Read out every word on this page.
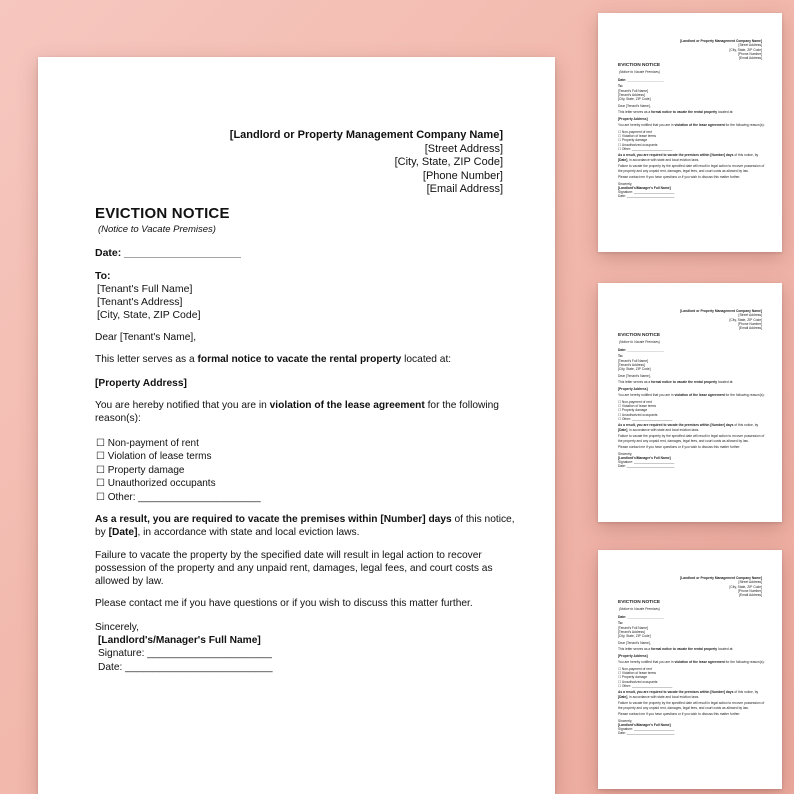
[Landlord or Property Management Company Name]
[Street Address]
[City, State, ZIP Code]
[Phone Number]
[Email Address]
EVICTION NOTICE
(Notice to Vacate Premises)
Date: ____________________
To:
[Tenant's Full Name]
[Tenant's Address]
[City, State, ZIP Code]
Dear [Tenant's Name],
This letter serves as a formal notice to vacate the rental property located at:
[Property Address]
You are hereby notified that you are in violation of the lease agreement for the following reason(s):
☐ Non-payment of rent
☐ Violation of lease terms
☐ Property damage
☐ Unauthorized occupants
☐ Other: ______________________
As a result, you are required to vacate the premises within [Number] days of this notice, by [Date], in accordance with state and local eviction laws.
Failure to vacate the property by the specified date will result in legal action to recover possession of the property and any unpaid rent, damages, legal fees, and court costs as allowed by law.
Please contact me if you have questions or if you wish to discuss this matter further.
Sincerely,
[Landlord's/Manager's Full Name]
Signature: ______________________
Date: __________________________
[Landlord or Property Management Company Name]
[Street Address]
[City, State, ZIP Code]
[Phone Number]
[Email Address]
EVICTION NOTICE
(Notice to Vacate Premises)
Date: ____________________
To:
[Tenant's Full Name]
[Tenant's Address]
[City, State, ZIP Code]
Dear [Tenant's Name],
This letter serves as a formal notice to vacate the rental property located at:
[Property Address]
You are hereby notified that you are in violation of the lease agreement for the following reason(s):
☐ Non-payment of rent
☐ Violation of lease terms
☐ Property damage
☐ Unauthorized occupants
☐ Other: ______________________
As a result, you are required to vacate the premises within [Number] days of this notice, by [Date], in accordance with state and local eviction laws.
Failure to vacate the property by the specified date will result in legal action to recover possession of the property and any unpaid rent, damages, legal fees, and court costs as allowed by law.
Please contact me if you have questions or if you wish to discuss this matter further.
Sincerely,
[Landlord's/Manager's Full Name]
Signature: ______________________
Date: __________________________
[Landlord or Property Management Company Name]
[Street Address]
[City, State, ZIP Code]
[Phone Number]
[Email Address]
EVICTION NOTICE
(Notice to Vacate Premises)
Date: ____________________
To:
[Tenant's Full Name]
[Tenant's Address]
[City, State, ZIP Code]
Dear [Tenant's Name],
This letter serves as a formal notice to vacate the rental property located at:
[Property Address]
You are hereby notified that you are in violation of the lease agreement for the following reason(s):
☐ Non-payment of rent
☐ Violation of lease terms
☐ Property damage
☐ Unauthorized occupants
☐ Other: ______________________
As a result, you are required to vacate the premises within [Number] days of this notice, by [Date], in accordance with state and local eviction laws.
Failure to vacate the property by the specified date will result in legal action to recover possession of the property and any unpaid rent, damages, legal fees, and court costs as allowed by law.
Please contact me if you have questions or if you wish to discuss this matter further.
Sincerely,
[Landlord's/Manager's Full Name]
Signature: ______________________
Date: __________________________
[Landlord or Property Management Company Name]
[Street Address]
[City, State, ZIP Code]
[Phone Number]
[Email Address]
EVICTION NOTICE
(Notice to Vacate Premises)
Date: ____________________
To:
[Tenant's Full Name]
[Tenant's Address]
[City, State, ZIP Code]
Dear [Tenant's Name],
This letter serves as a formal notice to vacate the rental property located at:
[Property Address]
You are hereby notified that you are in violation of the lease agreement for the following reason(s):
☐ Non-payment of rent
☐ Violation of lease terms
☐ Property damage
☐ Unauthorized occupants
☐ Other: ______________________
As a result, you are required to vacate the premises within [Number] days of this notice, by [Date], in accordance with state and local eviction laws.
Failure to vacate the property by the specified date will result in legal action to recover possession of the property and any unpaid rent, damages, legal fees, and court costs as allowed by law.
Please contact me if you have questions or if you wish to discuss this matter further.
Sincerely,
[Landlord's/Manager's Full Name]
Signature: ______________________
Date: __________________________
